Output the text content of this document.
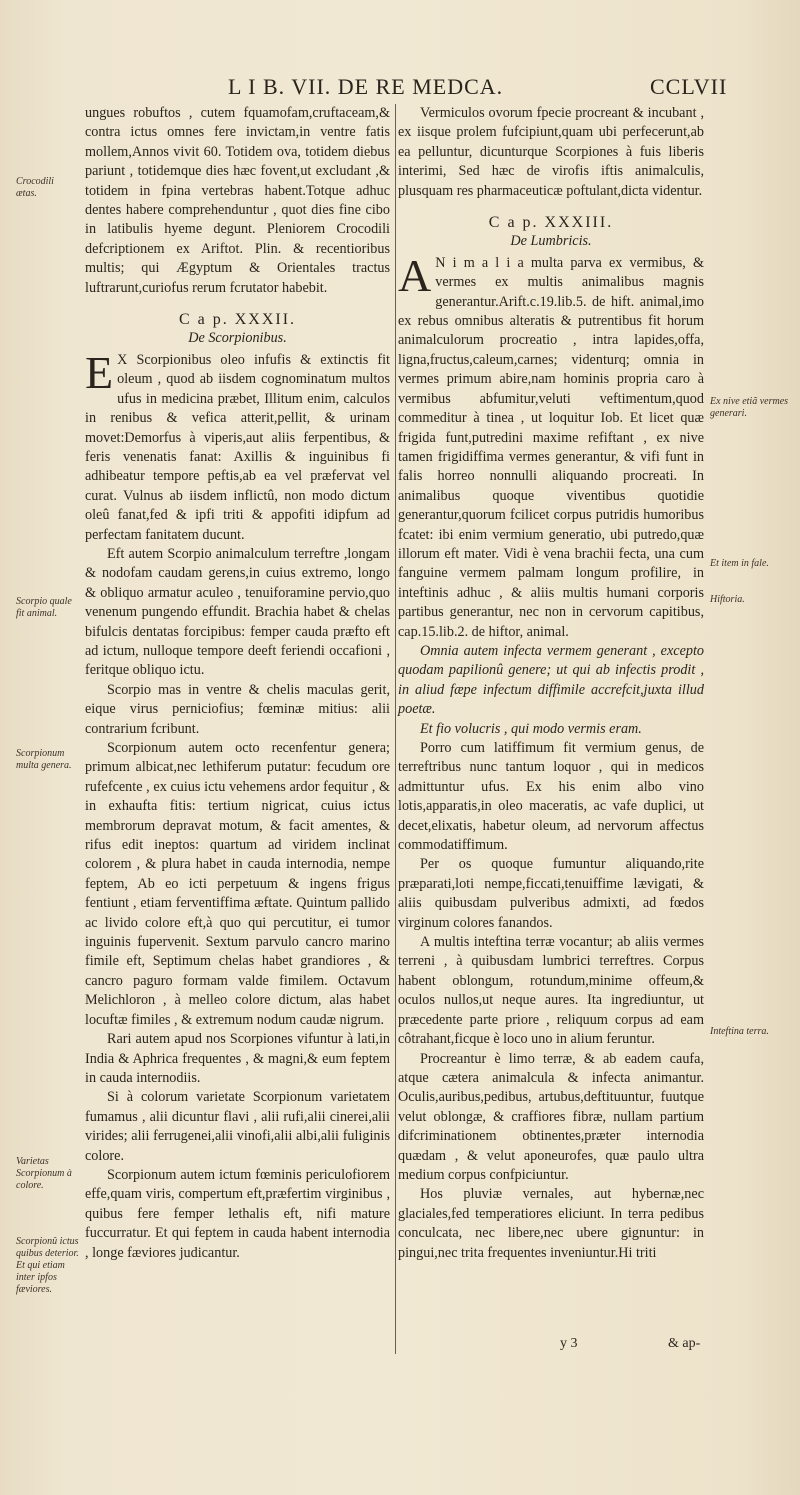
L I B. VII. DE RE MEDCA.	CCLVII
Crocodili ætas.
Scorpio quale fit animal.
Scorpionum multa genera.
Varietas Scorpionum à colore.
Scorpionû ictus quibus deterior. Et qui etiam inter ipfos fæviores.
Ex nive etiã vermes generari.
Et item in fale.
Hiftoria.
Inteftina terra.

ungues robuftos , cutem fquamofam,cruftaceam,& contra ictus omnes fere invictam,in ventre fatis mollem,Annos vivit 60. Totidem ova, totidem diebus pariunt , totidemque dies hæc fovent,ut excludant ,& totidem in fpina vertebras habent.Totque adhuc dentes habere comprehenduntur , quot dies fine cibo in latibulis hyeme degunt. Pleniorem Crocodili defcriptionem ex Ariftot. Plin. & recentioribus multis; qui Ægyptum & Orientales tractus luftrarunt,curiofus rerum fcrutator habebit.

C a p. XXXII.

De Scorpionibus.

E X Scorpionibus oleo infufis & extinctis fit oleum , quod ab iisdem cognominatum multos ufus in medicina præbet, Illitum enim, calculos in renibus & vefica atterit,pellit, & urinam movet:Demorfus à viperis,aut aliis ferpentibus, & feris venenatis fanat: Axillis & inguinibus fi adhibeatur tempore peftis,ab ea vel præfervat vel curat. Vulnus ab iisdem inflictû, non modo dictum oleû fanat,fed & ipfi triti & appofiti idipfum ad perfectam fanitatem ducunt.

Eft autem Scorpio animalculum terreftre ,longam & nodofam caudam gerens,in cuius extremo, longo & obliquo armatur aculeo , tenuiforamine pervio,quo venenum pungendo effundit. Brachia habet & chelas bifulcis dentatas forcipibus: femper cauda præfto eft ad ictum, nulloque tempore deeft feriendi occafioni , feritque obliquo ictu.

Scorpio mas in ventre & chelis maculas gerit, eique virus perniciofius; fœminæ mitius: alii contrarium fcribunt.

Scorpionum autem octo recenfentur genera; primum albicat,nec lethiferum putatur: fecudum ore rufefcente , ex cuius ictu vehemens ardor fequitur , & in exhaufta fitis: tertium nigricat, cuius ictus membrorum depravat motum, & facit amentes, & rifus edit ineptos: quartum ad viridem inclinat colorem , & plura habet in cauda internodia, nempe feptem, Ab eo icti perpetuum & ingens frigus fentiunt , etiam ferventiffima æftate. Quintum pallido ac livido colore eft,à quo qui percutitur, ei tumor inguinis fupervenit. Sextum parvulo cancro marino fimile eft, Septimum chelas habet grandiores , & cancro paguro formam valde fimilem. Octavum Melichloron , à melleo colore dictum, alas habet locuftæ fimiles , & extremum nodum caudæ nigrum.

Rari autem apud nos Scorpiones vifuntur à lati,in India & Aphrica frequentes , & magni,& eum feptem in cauda internodiis.

Si à colorum varietate Scorpionum varietatem fumamus , alii dicuntur flavi , alii rufi,alii cinerei,alii virides; alii ferrugenei,alii vinofi,alii albi,alii fuliginis colore.

Scorpionum autem ictum fœminis periculofiorem effe,quam viris, compertum eft,præfertim virginibus , quibus fere femper lethalis eft, nifi mature fuccurratur. Et qui feptem in cauda habent internodia , longe fæviores judicantur.

Vermiculos ovorum fpecie procreant & incubant , ex iisque prolem fufcipiunt,quam ubi perfecerunt,ab ea pelluntur, dicunturque Scorpiones à fuis liberis interimi, Sed hæc de virofis iftis animalculis, plusquam res pharmaceuticæ poftulant,dicta videntur.

C a p. XXXIII.

De Lumbricis.

A N i m a l i a multa parva ex vermibus, & vermes ex multis animalibus magnis generantur.Arift.c.19.lib.5. de hift. animal,imo ex rebus omnibus alteratis & putrentibus fit horum animalculorum procreatio , intra lapides,offa, ligna,fructus,caleum,carnes; videnturq; omnia in vermes primum abire,nam hominis propria caro à vermibus abfumitur,veluti veftimentum,quod commeditur à tinea , ut loquitur Iob. Et licet quæ frigida funt,putredini maxime refiftant , ex nive tamen frigidiffima vermes generantur, & vifi funt in falis horreo nonnulli aliquando procreati. In animalibus quoque viventibus quotidie generantur,quorum fcilicet corpus putridis humoribus fcatet: ibi enim vermium generatio, ubi putredo,quæ illorum eft mater. Vidi è vena brachii fecta, una cum fanguine vermem palmam longum profilire, in inteftinis adhuc , & aliis multis humani corporis partibus generantur, nec non in cervorum capitibus, cap.15.lib.2. de hiftor, animal.

Omnia autem infecta vermem generant , excepto quodam papilionû genere; ut qui ab infectis prodit , in aliud fæpe infectum diffimile accrefcit,juxta illud poetæ.

Et fio volucris , qui modo vermis eram.

Porro cum latiffimum fit vermium genus, de terreftribus nunc tantum loquor , qui in medicos admittuntur ufus. Ex his enim albo vino lotis,apparatis,in oleo maceratis, ac vafe duplici, ut decet,elixatis, habetur oleum, ad nervorum affectus commodatiffimum.

Per os quoque fumuntur aliquando,rite præparati,loti nempe,ficcati,tenuiffime lævigati, & aliis quibusdam pulveribus admixti, ad fœdos virginum colores fanandos.

A multis inteftina terræ vocantur; ab aliis vermes terreni , à quibusdam lumbrici terreftres. Corpus habent oblongum, rotundum,minime offeum,& oculos nullos,ut neque aures. Ita ingrediuntur, ut præcedente parte priore , reliquum corpus ad eam côtrahant,ficque è loco uno in alium feruntur.

Procreantur è limo terræ, & ab eadem caufa, atque cætera animalcula & infecta animantur. Oculis,auribus,pedibus, artubus,deftituuntur, fuutque velut oblongæ, & craffiores fibræ, nullam partium difcriminationem obtinentes,præter internodia quædam , & velut aponeurofes, quæ paulo ultra medium corpus confpiciuntur.

Hos pluviæ vernales, aut hybernæ,nec glaciales,fed temperatiores eliciunt. In terra pedibus conculcata, nec libere,nec ubere gignuntur: in pingui,nec trita frequentes inveniuntur.Hi triti

y 3	& ap-
